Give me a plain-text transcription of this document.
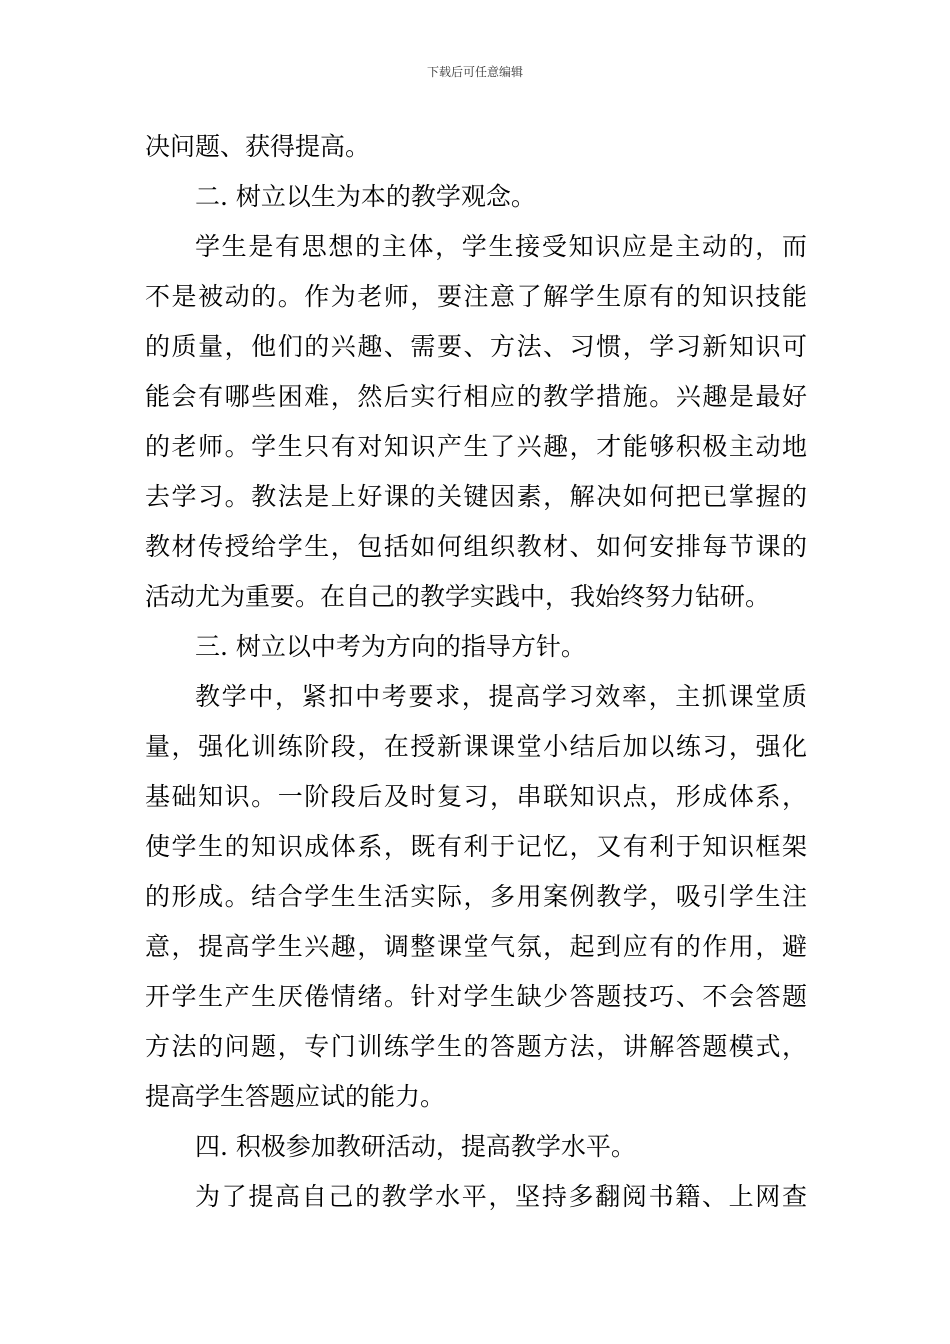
下载后可任意编辑
决问题、获得提高。
二. 树立以生为本的教学观念。
学生是有思想的主体，学生接受知识应是主动的，而
不是被动的。作为老师，要注意了解学生原有的知识技能
的质量，他们的兴趣、需要、方法、习惯，学习新知识可
能会有哪些困难，然后实行相应的教学措施。兴趣是最好
的老师。学生只有对知识产生了兴趣，才能够积极主动地
去学习。教法是上好课的关键因素，解决如何把已掌握的
教材传授给学生，包括如何组织教材、如何安排每节课的
活动尤为重要。在自己的教学实践中，我始终努力钻研。
三. 树立以中考为方向的指导方针。
教学中，紧扣中考要求，提高学习效率，主抓课堂质
量，强化训练阶段，在授新课课堂小结后加以练习，强化
基础知识。一阶段后及时复习，串联知识点，形成体系，
使学生的知识成体系，既有利于记忆，又有利于知识框架
的形成。结合学生生活实际，多用案例教学，吸引学生注
意，提高学生兴趣，调整课堂气氛，起到应有的作用，避
开学生产生厌倦情绪。针对学生缺少答题技巧、不会答题
方法的问题，专门训练学生的答题方法，讲解答题模式，
提高学生答题应试的能力。
四. 积极参加教研活动，提高教学水平。
为了提高自己的教学水平，坚持多翻阅书籍、上网查
